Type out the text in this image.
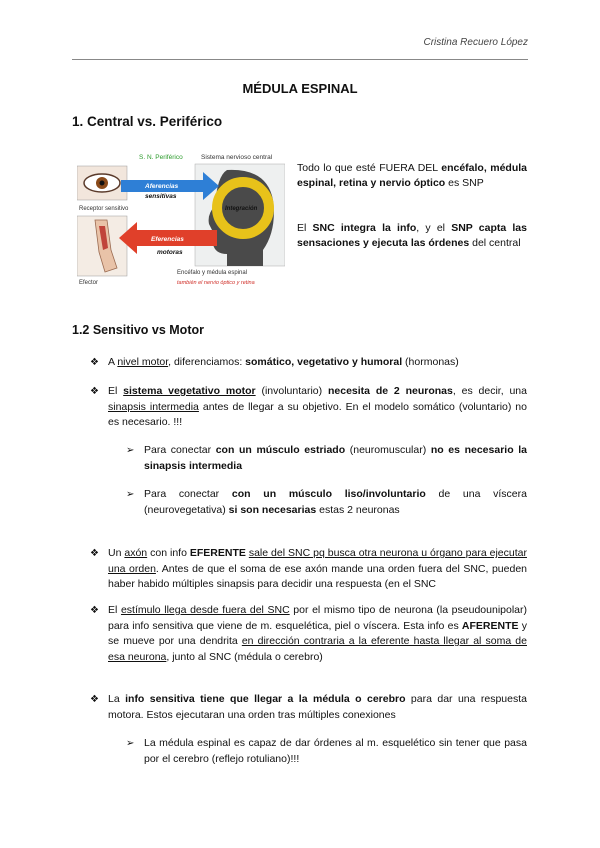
Cristina Recuero López
MÉDULA ESPINAL
1. Central vs. Periférico
S. N. Periférico	Sistema nervioso central
Receptor sensitivo
Aferencias
sensitivas
Integración
Eferencias
motoras
Efector
Encéfalo y médula espinal
también el nervio óptico y retina
Todo lo que esté FUERA DEL encéfalo, médula espinal, retina y nervio óptico es SNP
El SNC integra la info, y el SNP capta las sensaciones y ejecuta las órdenes del central
1.2 Sensitivo vs Motor
❖ A nivel motor, diferenciamos: somático, vegetativo y humoral (hormonas)
❖ El sistema vegetativo motor (involuntario) necesita de 2 neuronas, es decir, una sinapsis intermedia antes de llegar a su objetivo. En el modelo somático (voluntario) no es necesario. !!!
➢ Para conectar con un músculo estriado (neuromuscular) no es necesario la sinapsis intermedia
➢ Para conectar con un músculo liso/involuntario de una víscera (neurovegetativa) si son necesarias estas 2 neuronas
❖ Un axón con info EFERENTE sale del SNC pq busca otra neurona u órgano para ejecutar una orden. Antes de que el soma de ese axón mande una orden fuera del SNC, pueden haber habido múltiples sinapsis para decidir una respuesta (en el SNC
❖ El estímulo llega desde fuera del SNC por el mismo tipo de neurona (la pseudounipolar) para info sensitiva que viene de m. esquelética, piel o víscera. Esta info es AFERENTE y se mueve por una dendrita en dirección contraria a la eferente hasta llegar al soma de esa neurona, junto al SNC (médula o cerebro)
❖ La info sensitiva tiene que llegar a la médula o cerebro para dar una respuesta motora. Estos ejecutaran una orden tras múltiples conexiones
➢ La médula espinal es capaz de dar órdenes al m. esquelético sin tener que pasa por el cerebro (reflejo rotuliano)!!!
